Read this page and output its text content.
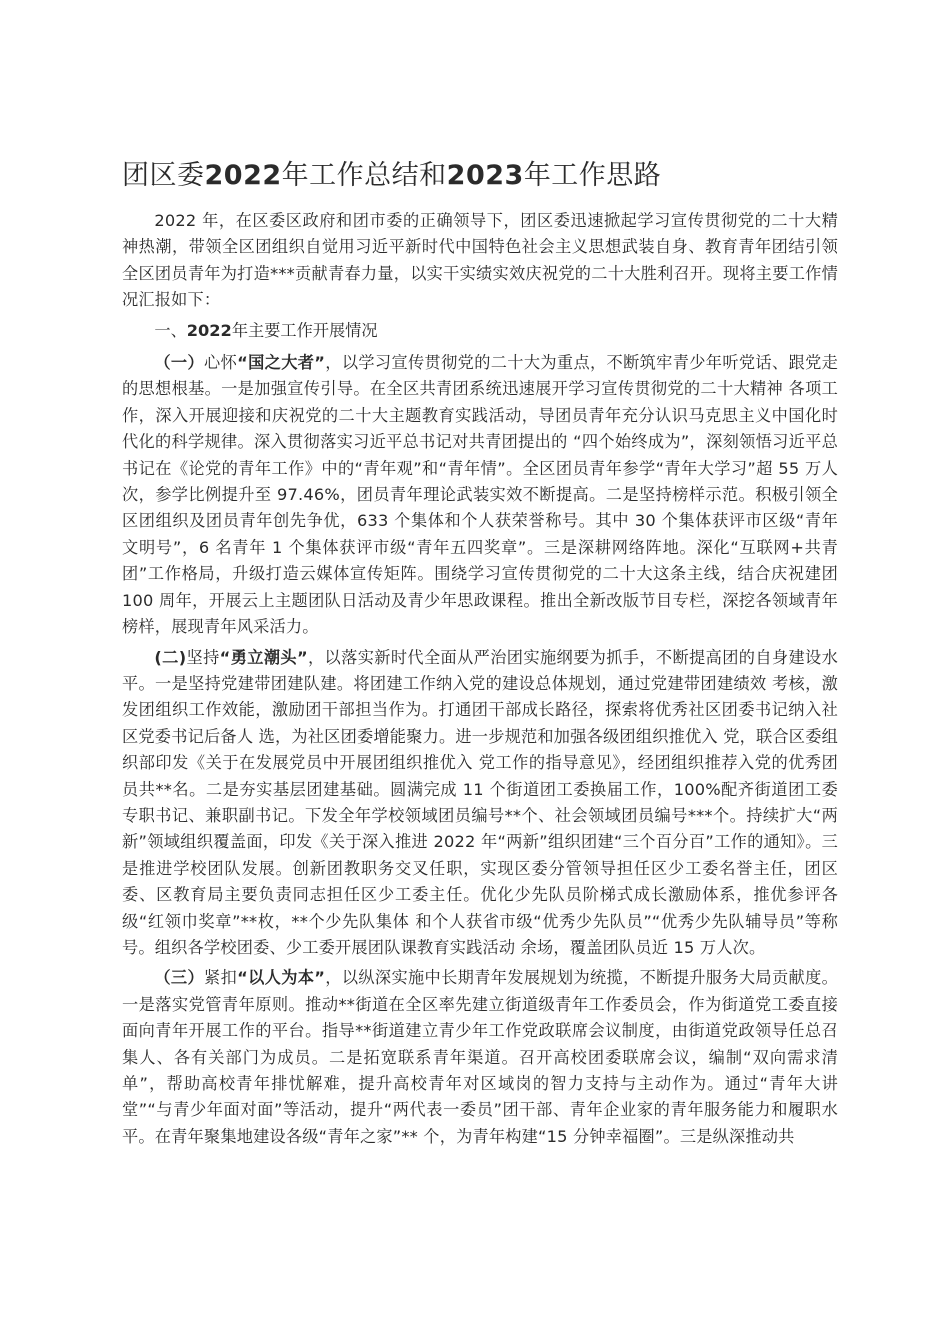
团区委2022年工作总结和2023年工作思路

2022 年，在区委区政府和团市委的正确领导下，团区委迅速掀起学习宣传贯彻党的二十大精神热潮，带领全区团组织自觉用习近平新时代中国特色社会主义思想武装自身、教育青年团结引领全区团员青年为打造***贡献青春力量，以实干实绩实效庆祝党的二十大胜利召开。现将主要工作情况汇报如下：

一、2022年主要工作开展情况

（一）心怀“国之大者”，以学习宣传贯彻党的二十大为重点，不断筑牢青少年听党话、跟党走的思想根基。一是加强宣传引导。在全区共青团系统迅速展开学习宣传贯彻党的二十大精神 各项工作，深入开展迎接和庆祝党的二十大主题教育实践活动，导团员青年充分认识马克思主义中国化时代化的科学规律。深入贯彻落实习近平总书记对共青团提出的 “四个始终成为”，深刻领悟习近平总书记在《论党的青年工作》中的“青年观”和“青年情”。全区团员青年参学“青年大学习”超 55 万人次，参学比例提升至 97.46%，团员青年理论武装实效不断提高。二是坚持榜样示范。积极引领全区团组织及团员青年创先争优，633 个集体和个人获荣誉称号。其中 30 个集体获评市区级“青年文明号”，6 名青年 1 个集体获评市级“青年五四奖章”。三是深耕网络阵地。深化“互联网+共青团”工作格局，升级打造云媒体宣传矩阵。围绕学习宣传贯彻党的二十大这条主线，结合庆祝建团 100 周年，开展云上主题团队日活动及青少年思政课程。推出全新改版节目专栏，深挖各领域青年榜样，展现青年风采活力。

(二)坚持“勇立潮头”，以落实新时代全面从严治团实施纲要为抓手，不断提高团的自身建设水平。一是坚持党建带团建队建。将团建工作纳入党的建设总体规划，通过党建带团建绩效 考核，激发团组织工作效能，激励团干部担当作为。打通团干部成长路径，探索将优秀社区团委书记纳入社区党委书记后备人 选，为社区团委增能聚力。进一步规范和加强各级团组织推优入 党，联合区委组织部印发《关于在发展党员中开展团组织推优入 党工作的指导意见》，经团组织推荐入党的优秀团员共**名。二是夯实基层团建基础。圆满完成 11 个街道团工委换届工作，100%配齐街道团工委专职书记、兼职副书记。下发全年学校领域团员编号**个、社会领域团员编号***个。持续扩大“两新”领域组织覆盖面，印发《关于深入推进 2022 年“两新”组织团建“三个百分百”工作的通知》。三是推进学校团队发展。创新团教职务交叉任职，实现区委分管领导担任区少工委名誉主任，团区委、区教育局主要负责同志担任区少工委主任。优化少先队员阶梯式成长激励体系，推优参评各级“红领巾奖章”**枚，**个少先队集体 和个人获省市级“优秀少先队员”“优秀少先队辅导员”等称号。组织各学校团委、少工委开展团队课教育实践活动 余场，覆盖团队员近 15 万人次。

（三）紧扣“以人为本”，以纵深实施中长期青年发展规划为统揽，不断提升服务大局贡献度。一是落实党管青年原则。推动**街道在全区率先建立街道级青年工作委员会，作为街道党工委直接面向青年开展工作的平台。指导**街道建立青少年工作党政联席会议制度，由街道党政领导任总召集人、各有关部门为成员。二是拓宽联系青年渠道。召开高校团委联席会议，编制“双向需求清单”，帮助高校青年排忧解难，提升高校青年对区域岗的智力支持与主动作为。通过“青年大讲堂”“与青少年面对面”等活动，提升“两代表一委员”团干部、青年企业家的青年服务能力和履职水平。在青年聚集地建设各级“青年之家”** 个，为青年构建“15 分钟幸福圈”。三是纵深推动共
